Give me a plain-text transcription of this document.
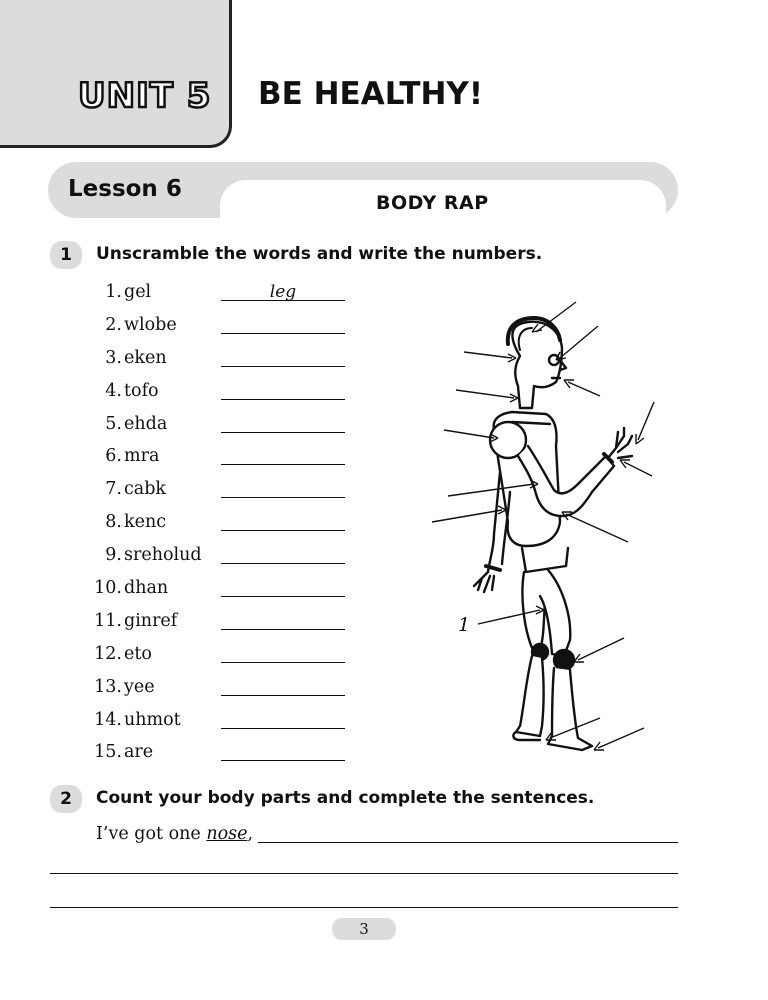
UNIT 5 BE HEALTHY!
Lesson 6
BODY RAP
1	Unscramble the words and write the numbers.
1. gel	leg
2. wlobe
3. eken
4. tofo
5. ehda
6. mra
7. cabk
8. kenc
9. sreholud
10. dhan
11. ginref
12. eto
13. yee
14. uhmot
15. are
1
2	Count your body parts and complete the sentences.
I’ve got one nose,
3
